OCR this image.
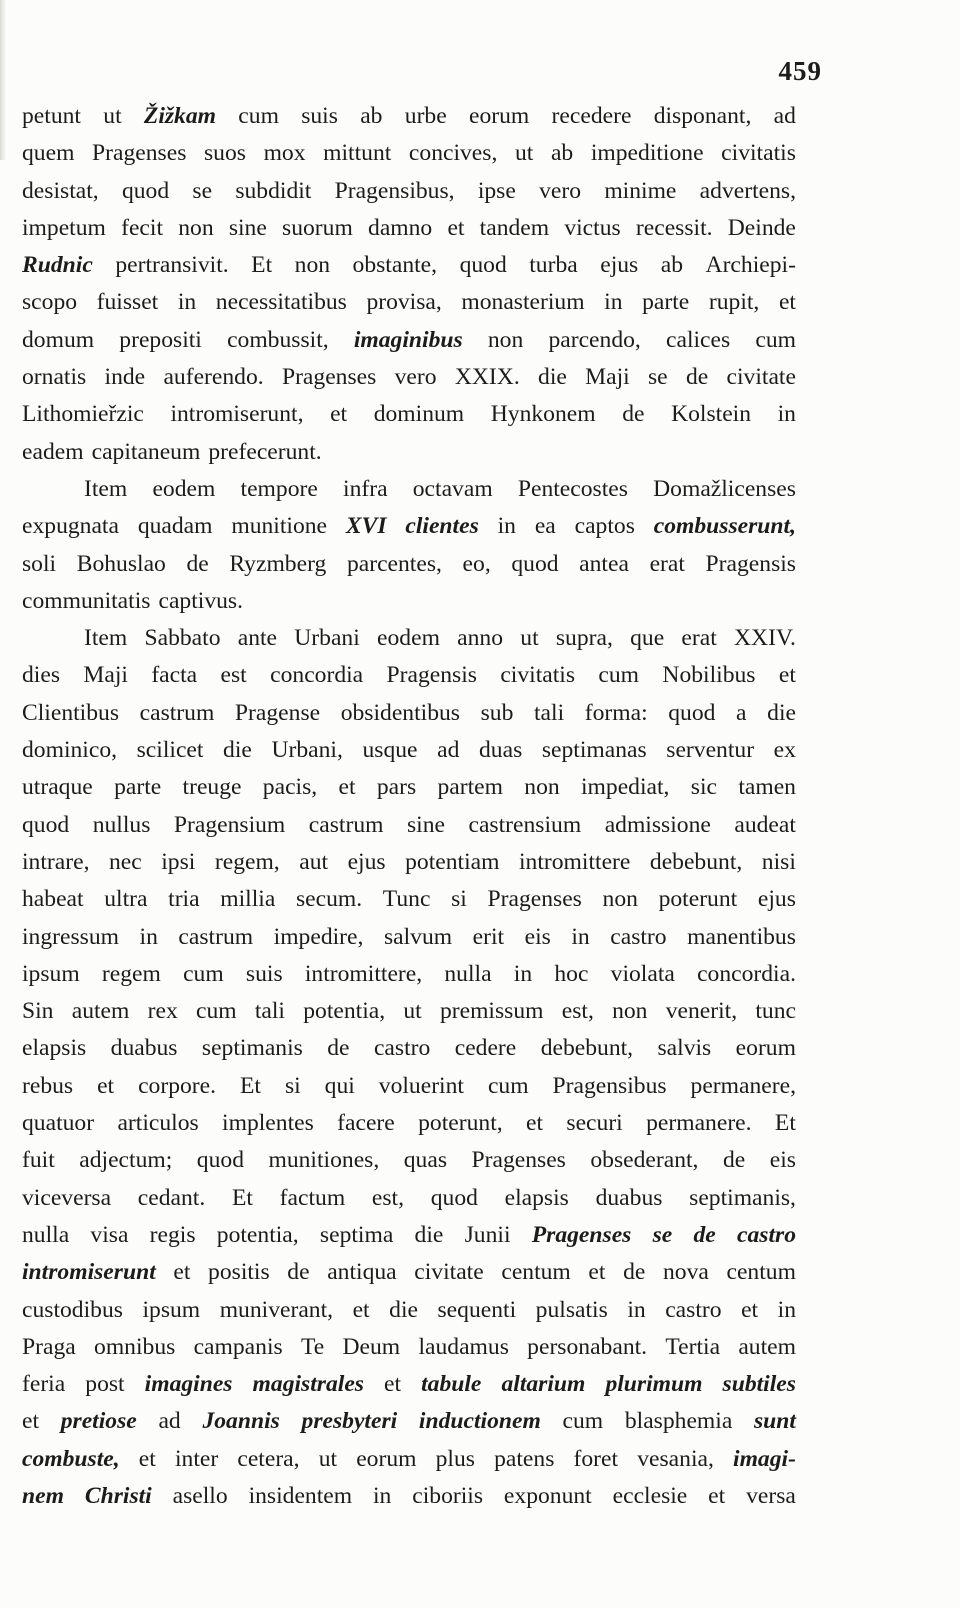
459
petunt ut Žižkam cum suis ab urbe eorum recedere disponant, ad
quem Pragenses suos mox mittunt concives, ut ab impeditione civitatis
desistat, quod se subdidit Pragensibus, ipse vero minime advertens,
impetum fecit non sine suorum damno et tandem victus recessit. Deinde
Rudnic pertransivit. Et non obstante, quod turba ejus ab Archiepi-
scopo fuisset in necessitatibus provisa, monasterium in parte rupit, et
domum prepositi combussit, imaginibus non parcendo, calices cum
ornatis inde auferendo. Pragenses vero XXIX. die Maji se de civitate
Lithomieřzic intromiserunt, et dominum Hynkonem de Kolstein in
eadem capitaneum prefecerunt.
Item eodem tempore infra octavam Pentecostes Domažlicenses
expugnata quadam munitione XVI clientes in ea captos combusserunt,
soli Bohuslao de Ryzmberg parcentes, eo, quod antea erat Pragensis
communitatis captivus.
Item Sabbato ante Urbani eodem anno ut supra, que erat XXIV.
dies Maji facta est concordia Pragensis civitatis cum Nobilibus et
Clientibus castrum Pragense obsidentibus sub tali forma: quod a die
dominico, scilicet die Urbani, usque ad duas septimanas serventur ex
utraque parte treuge pacis, et pars partem non impediat, sic tamen
quod nullus Pragensium castrum sine castrensium admissione audeat
intrare, nec ipsi regem, aut ejus potentiam intromittere debebunt, nisi
habeat ultra tria millia secum. Tunc si Pragenses non poterunt ejus
ingressum in castrum impedire, salvum erit eis in castro manentibus
ipsum regem cum suis intromittere, nulla in hoc violata concordia.
Sin autem rex cum tali potentia, ut premissum est, non venerit, tunc
elapsis duabus septimanis de castro cedere debebunt, salvis eorum
rebus et corpore. Et si qui voluerint cum Pragensibus permanere,
quatuor articulos implentes facere poterunt, et securi permanere. Et
fuit adjectum; quod munitiones, quas Pragenses obsederant, de eis
viceversa cedant. Et factum est, quod elapsis duabus septimanis,
nulla visa regis potentia, septima die Junii Pragenses se de castro
intromiserunt et positis de antiqua civitate centum et de nova centum
custodibus ipsum muniverant, et die sequenti pulsatis in castro et in
Praga omnibus campanis Te Deum laudamus personabant. Tertia autem
feria post imagines magistrales et tabule altarium plurimum subtiles
et pretiose ad Joannis presbyteri inductionem cum blasphemia sunt
combuste, et inter cetera, ut eorum plus patens foret vesania, imagi-
nem Christi asello insidentem in ciboriis exponunt ecclesie et versa
